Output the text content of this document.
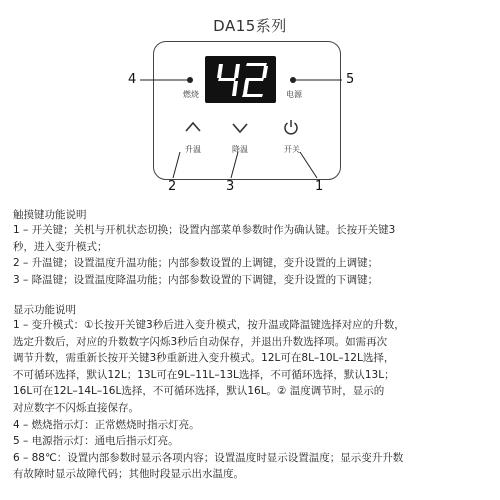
DA15系列
燃烧	电源
升温	降温	开关
4	5
2	3	1
触摸键功能说明
1 – 开关键；关机与开机状态切换；设置内部菜单参数时作为确认键。长按开关键3
秒，进入变升模式；
2 – 升温键；设置温度升温功能；内部参数设置的上调键，变升设置的上调键；
3 – 降温键；设置温度降温功能；内部参数设置的下调键，变升设置的下调键；
显示功能说明
1 – 变升模式：①长按开关键3秒后进入变升模式，按升温或降温键选择对应的升数，
选定升数后，对应的升数数字闪烁3秒后自动保存，并退出升数选择项。如需再次
调节升数，需重新长按开关键3秒重新进入变升模式。12L可在8L–10L–12L选择，
不可循环选择，默认12L；13L可在9L–11L–13L选择，不可循环选择，默认13L；
16L可在12L–14L–16L选择，不可循环选择，默认16L。② 温度调节时，显示的
对应数字不闪烁直接保存。
4 – 燃烧指示灯：正常燃烧时指示灯亮。
5 – 电源指示灯：通电后指示灯亮。
6 – 88℃：设置内部参数时显示各项内容；设置温度时显示设置温度；显示变升升数
有故障时显示故障代码；其他时段显示出水温度。
